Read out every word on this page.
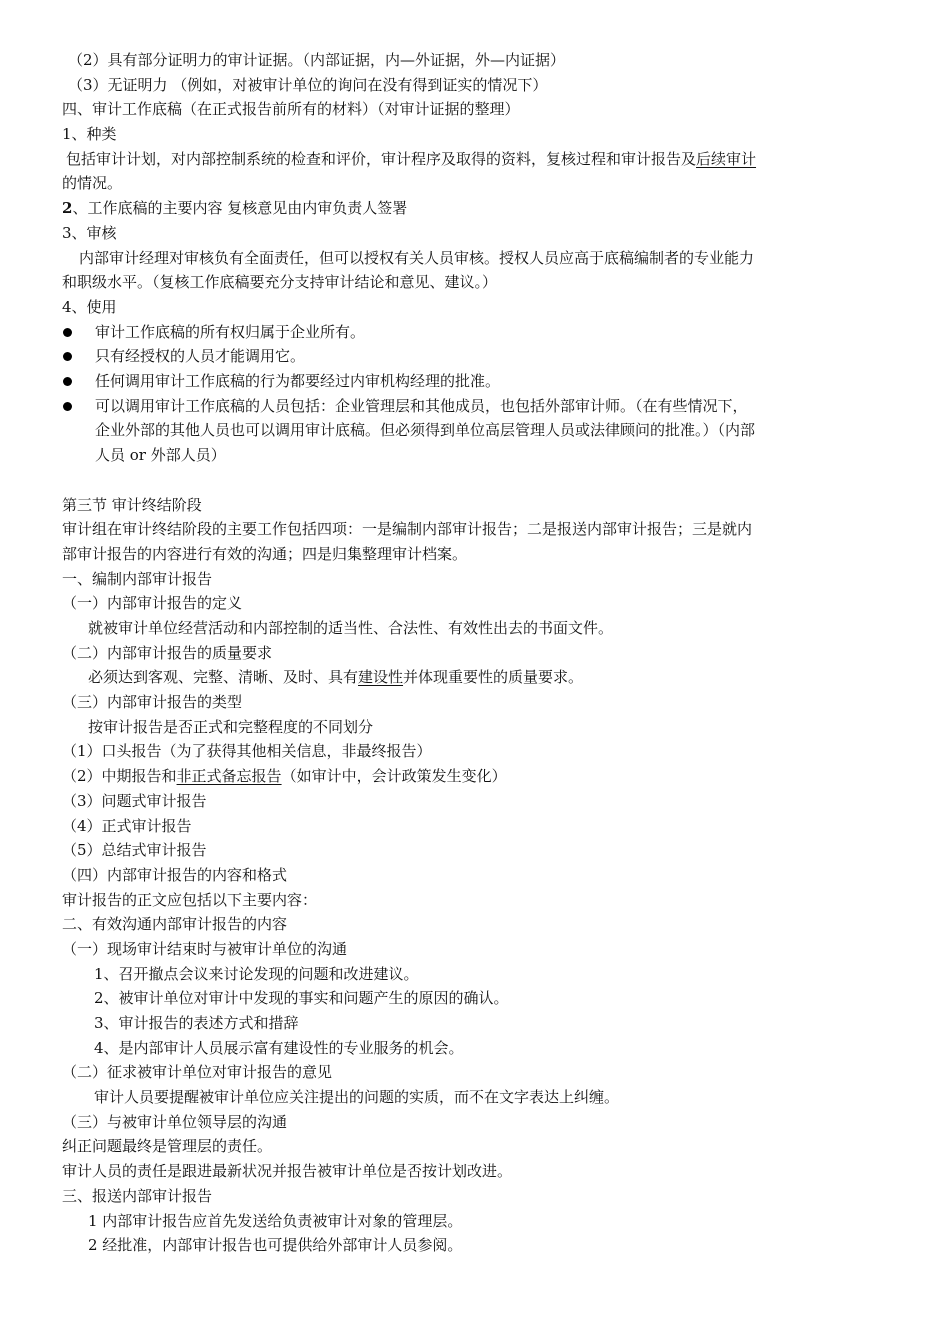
（2）具有部分证明力的审计证据。（内部证据，内—外证据，外—内证据）
（3）无证明力 （例如，对被审计单位的询问在没有得到证实的情况下）
四、审计工作底稿（在正式报告前所有的材料）（对审计证据的整理）
1、种类
包括审计计划，对内部控制系统的检查和评价，审计程序及取得的资料，复核过程和审计报告及后续审计的情况。
2、工作底稿的主要内容 复核意见由内审负责人签署
3、审核
内部审计经理对审核负有全面责任，但可以授权有关人员审核。授权人员应高于底稿编制者的专业能力和职级水平。（复核工作底稿要充分支持审计结论和意见、建议。）
4、使用
审计工作底稿的所有权归属于企业所有。
只有经授权的人员才能调用它。
任何调用审计工作底稿的行为都要经过内审机构经理的批准。
可以调用审计工作底稿的人员包括：企业管理层和其他成员，也包括外部审计师。（在有些情况下，企业外部的其他人员也可以调用审计底稿。但必须得到单位高层管理人员或法律顾问的批准。）（内部人员 or 外部人员）
第三节 审计终结阶段
审计组在审计终结阶段的主要工作包括四项：一是编制内部审计报告；二是报送内部审计报告；三是就内部审计报告的内容进行有效的沟通；四是归集整理审计档案。
一、编制内部审计报告
（一）内部审计报告的定义
就被审计单位经营活动和内部控制的适当性、合法性、有效性出去的书面文件。
（二）内部审计报告的质量要求
必须达到客观、完整、清晰、及时、具有建设性并体现重要性的质量要求。
（三）内部审计报告的类型
按审计报告是否正式和完整程度的不同划分
（1）口头报告（为了获得其他相关信息，非最终报告）
（2）中期报告和非正式备忘报告（如审计中，会计政策发生变化）
（3）问题式审计报告
（4）正式审计报告
（5）总结式审计报告
（四）内部审计报告的内容和格式
审计报告的正文应包括以下主要内容：
二、有效沟通内部审计报告的内容
（一）现场审计结束时与被审计单位的沟通
1、召开撤点会议来讨论发现的问题和改进建议。
2、被审计单位对审计中发现的事实和问题产生的原因的确认。
3、审计报告的表述方式和措辞
4、是内部审计人员展示富有建设性的专业服务的机会。
（二）征求被审计单位对审计报告的意见
审计人员要提醒被审计单位应关注提出的问题的实质，而不在文字表达上纠缠。
（三）与被审计单位领导层的沟通
纠正问题最终是管理层的责任。
审计人员的责任是跟进最新状况并报告被审计单位是否按计划改进。
三、报送内部审计报告
1 内部审计报告应首先发送给负责被审计对象的管理层。
2 经批准，内部审计报告也可提供给外部审计人员参阅。
